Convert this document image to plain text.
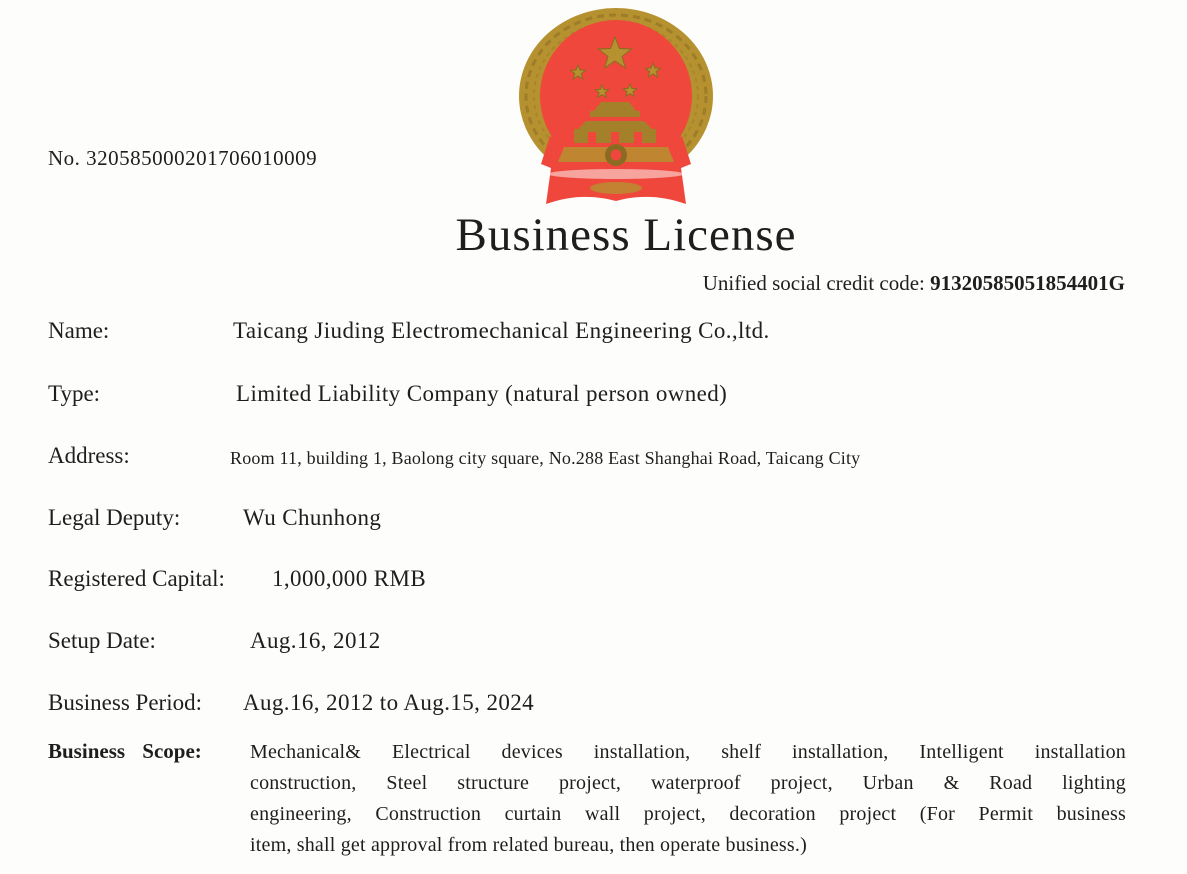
No. 320585000201706010009
Business License
Unified social credit code: 91320585051854401G
Name:	Taicang Jiuding Electromechanical Engineering Co.,ltd.
Type:	Limited Liability Company (natural person owned)
Address:	Room 11, building 1, Baolong city square, No.288 East Shanghai Road, Taicang City
Legal Deputy:	Wu Chunhong
Registered Capital: 1,000,000 RMB
Setup Date:	Aug.16, 2012
Business Period: Aug.16, 2012 to Aug.15, 2024
Business Scope: Mechanical& Electrical devices installation, shelf installation, Intelligent installation
construction, Steel structure project, waterproof project, Urban & Road lighting
engineering, Construction curtain wall project, decoration project (For Permit business
item, shall get approval from related bureau, then operate business.)
